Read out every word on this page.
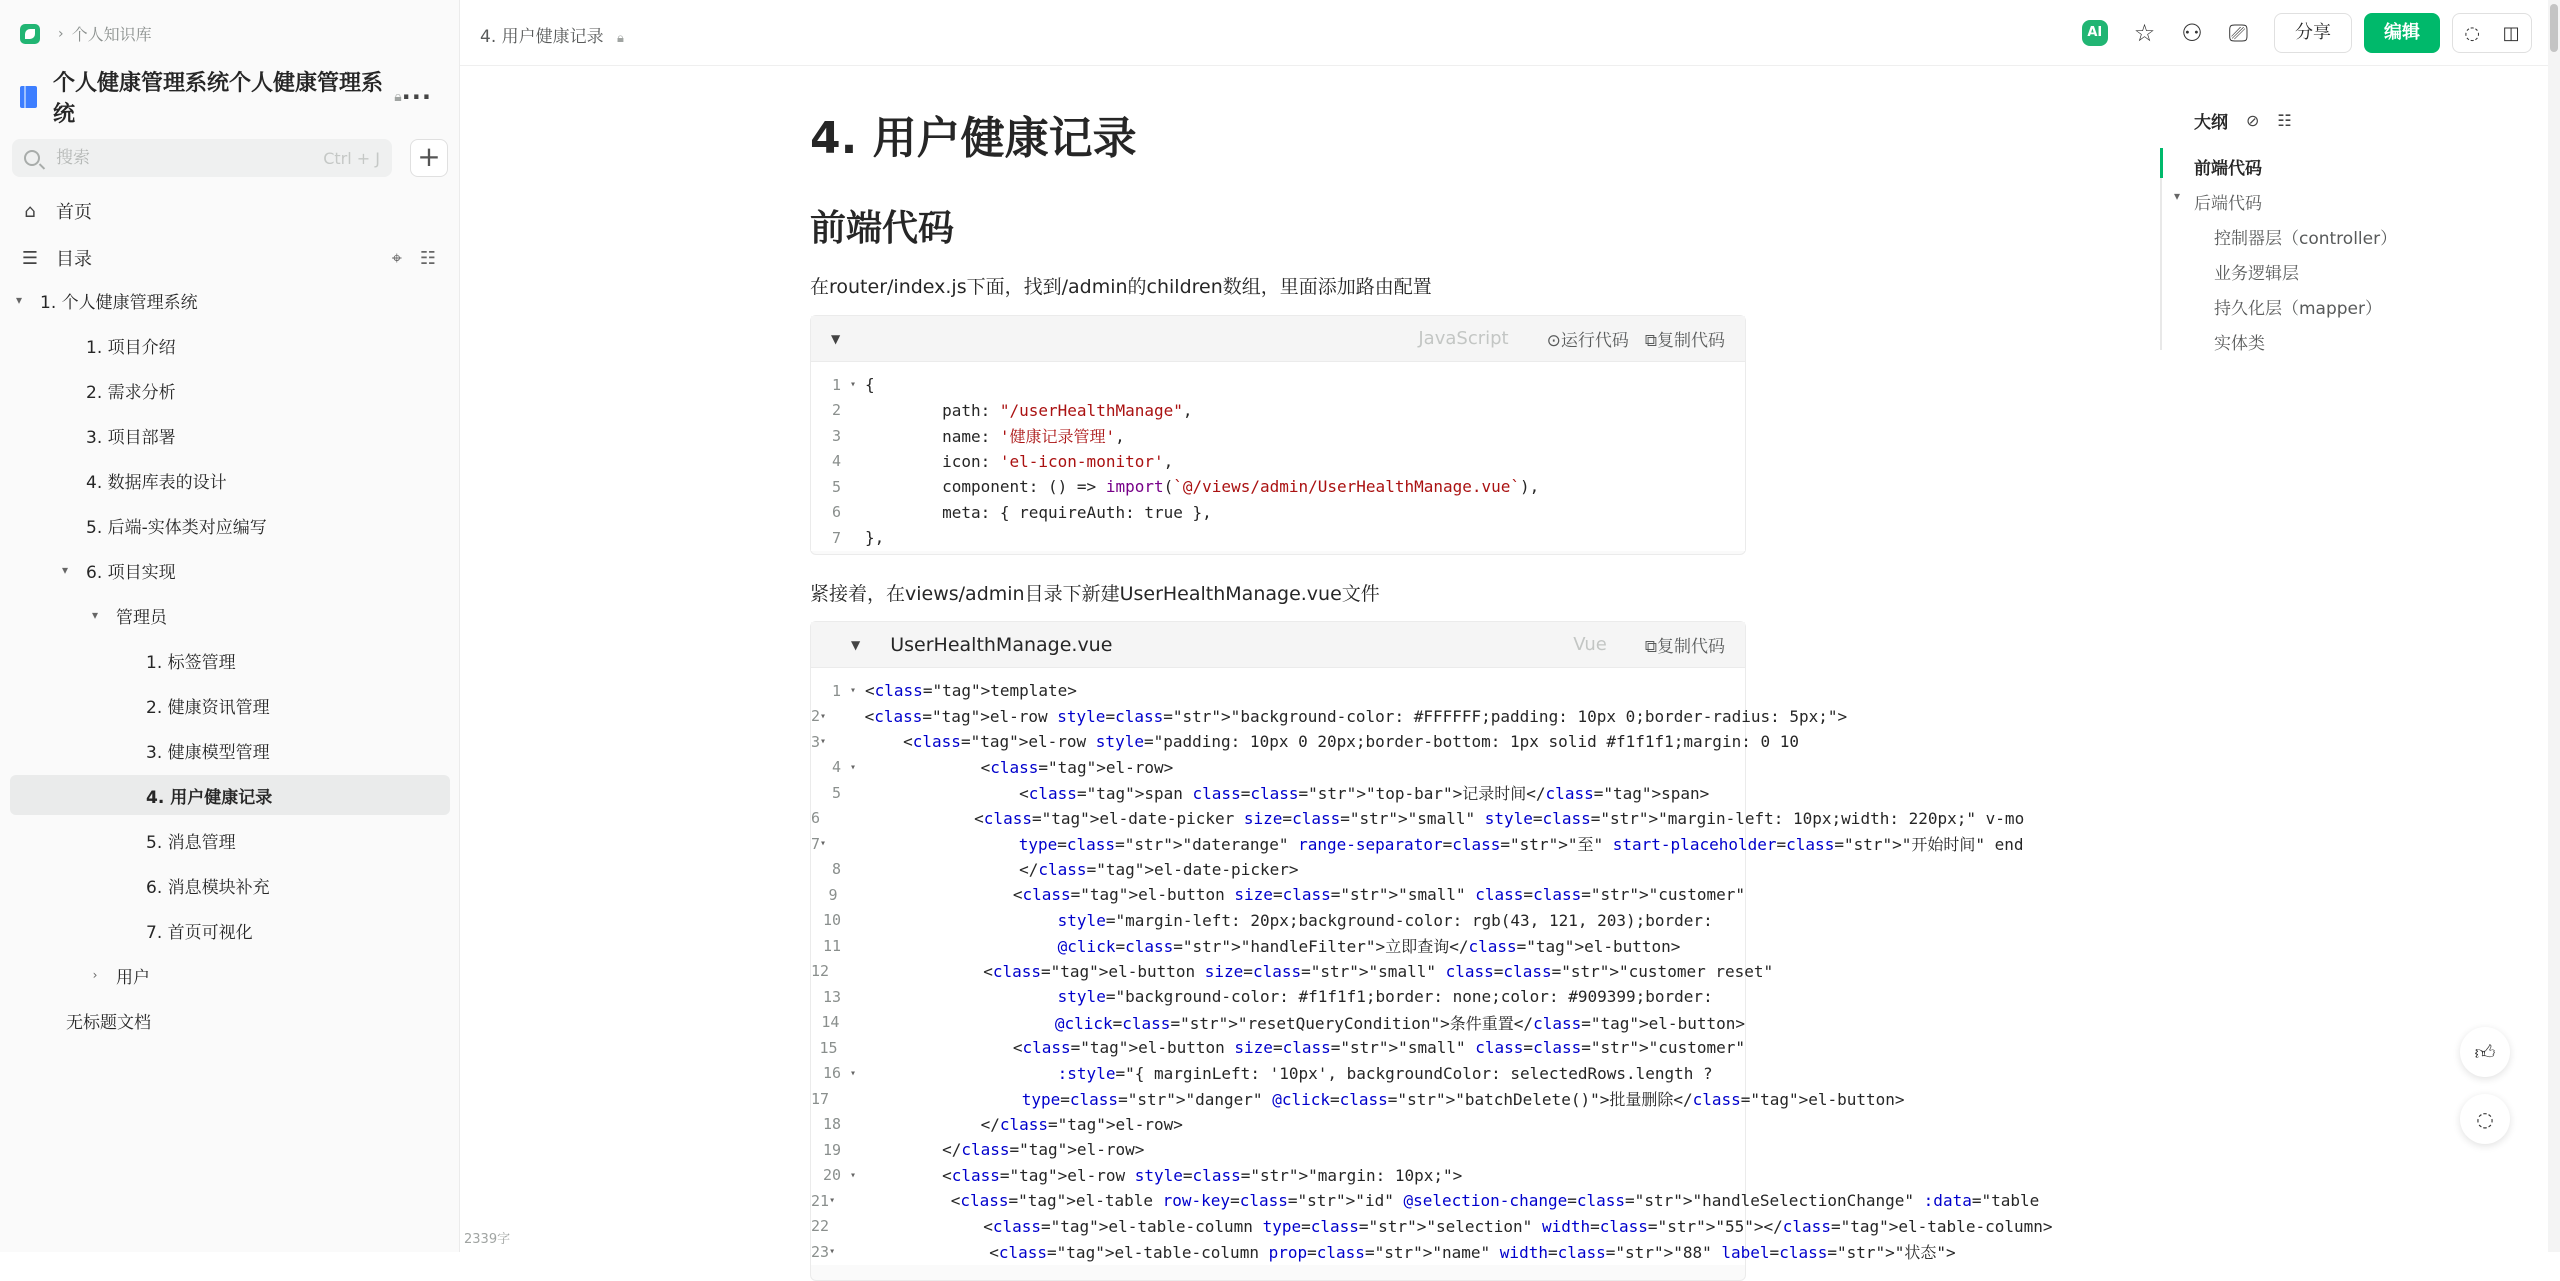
› 个人知识库
个人健康管理系统个人健康管理系统
🔒︎ ···
搜索
Ctrl + J +
⌂ 首页
☰ 目录	⌖ ☷
▾	1. 个人健康管理系统
1. 项目介绍
2. 需求分析
3. 项目部署
4. 数据库表的设计
5. 后端-实体类对应编写
▾	6. 项目实现
▾	管理员
1. 标签管理
2. 健康资讯管理
3. 健康模型管理
4. 用户健康记录
5. 消息管理
6. 消息模块补充
7. 首页可视化
›	用户
无标题文档
2339字
4. 用户健康记录 🔒︎	AI ☆ ⚇ ⎚	分享	编辑	◌ ◫
4. 用户健康记录
前端代码
在router/index.js下面，找到/admin的children数组，里面添加路由配置
▼	JavaScript ⊙运行代码 ⧉复制代码
1 ▾ {
2 path: "/userHealthManage",
3 name: '健康记录管理',
4 icon: 'el-icon-monitor',
5 component: () => import(`@/views/admin/UserHealthManage.vue`),
6 meta: { requireAuth: true },
7 },
紧接着，在views/admin目录下新建UserHealthManage.vue文件
▼ UserHealthManage.vue	Vue ⧉复制代码
1 ▾ <class="tag">template>
2 ▾ <class="tag">el-row style=class="str">"background-color: #FFFFFF;padding: 10px 0;border-radius: 5px;">
3 ▾ <class="tag">el-row style="padding: 10px 0 20px;border-bottom: 1px solid #f1f1f1;margin: 0 10
4 ▾ <class="tag">el-row>
5 <class="tag">span class=class="str">"top-bar">记录时间</class="tag">span>
6 <class="tag">el-date-picker size=class="str">"small" style=class="str">"margin-left: 10px;width: 220px;" v-mo
7 ▾	type=class="str">"daterange" range-separator=class="str">"至" start-placeholder=class="str">"开始时间" end
8 </class="tag">el-date-picker>
9 <class="tag">el-button size=class="str">"small" class=class="str">"customer"
10	style="margin-left: 20px;background-color: rgb(43, 121, 203);border:
11	@click=class="str">"handleFilter">立即查询</class="tag">el-button>
12 <class="tag">el-button size=class="str">"small" class=class="str">"customer reset"
13	style="background-color: #f1f1f1;border: none;color: #909399;border:
14	@click=class="str">"resetQueryCondition">条件重置</class="tag">el-button>
15 <class="tag">el-button size=class="str">"small" class=class="str">"customer"
16 ▾	:style="{ marginLeft: '10px', backgroundColor: selectedRows.length ?
17	type=class="str">"danger" @click=class="str">"batchDelete()">批量删除</class="tag">el-button>
18 </class="tag">el-row>
19 </class="tag">el-row>
20 ▾ <class="tag">el-row style=class="str">"margin: 10px;">
21 ▾ <class="tag">el-table row-key=class="str">"id" @selection-change=class="str">"handleSelectionChange" :data="table
22 <class="tag">el-table-column type=class="str">"selection" width=class="str">"55"></class="tag">el-table-column>
23 ▾ <class="tag">el-table-column prop=class="str">"name" width=class="str">"88" label=class="str">"状态">
大纲 ⊘ ☷
前端代码
▾ 后端代码
控制器层（controller）
业务逻辑层
持久化层（mapper）
实体类
👍︎
◌
